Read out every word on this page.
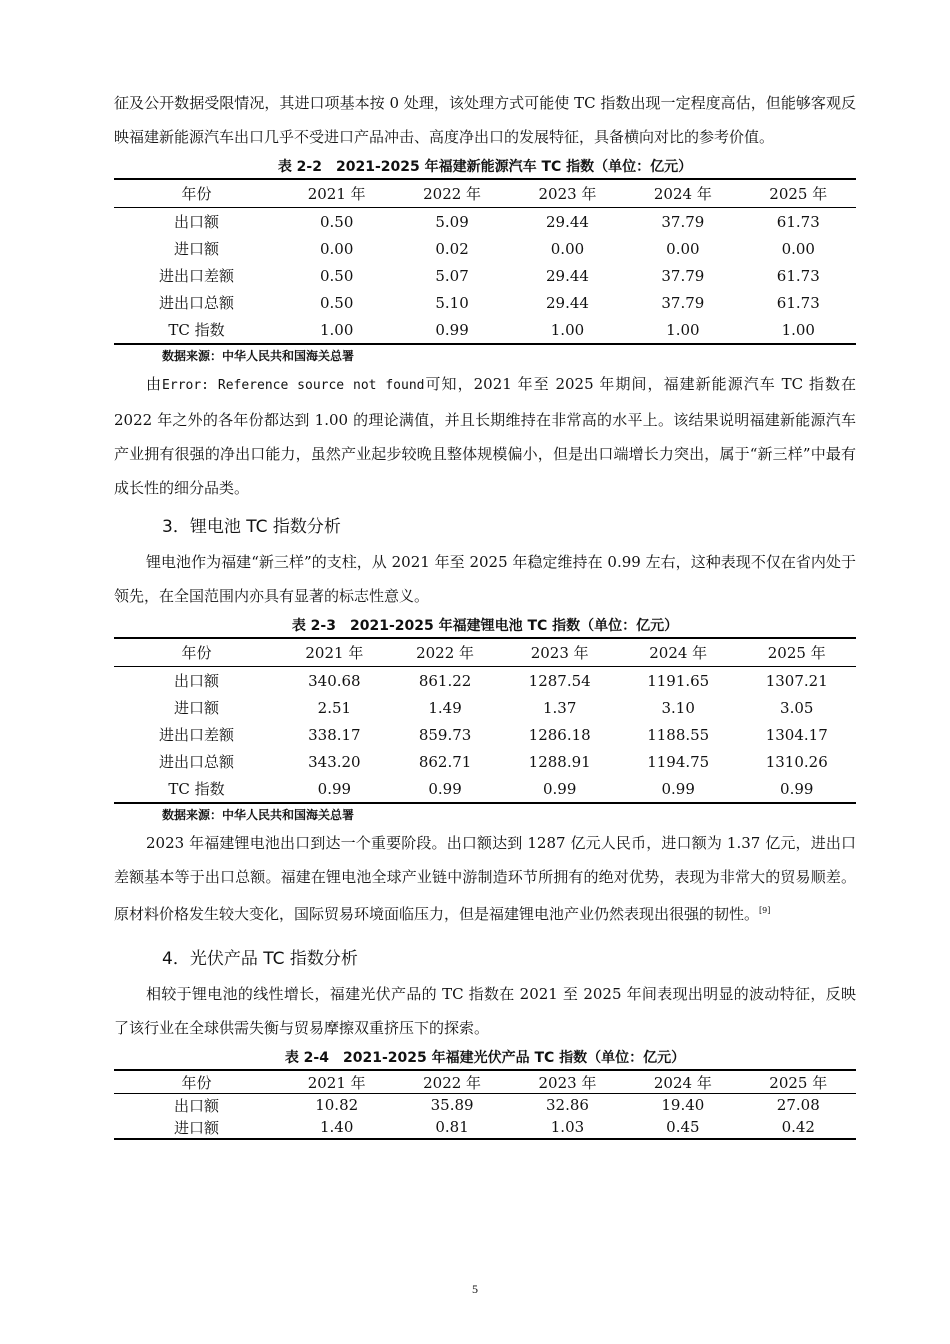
征及公开数据受限情况，其进口项基本按 0 处理，该处理方式可能使 TC 指数出现一定程度高估，但能够客观反映福建新能源汽车出口几乎不受进口产品冲击、高度净出口的发展特征，具备横向对比的参考价值。

表 2-2　2021-2025 年福建新能源汽车 TC 指数（单位：亿元）
年份	2021 年	2022 年	2023 年	2024 年	2025 年
出口额	0.50	5.09	29.44	37.79	61.73
进口额	0.00	0.02	0.00	0.00	0.00
进出口差额	0.50	5.07	29.44	37.79	61.73
进出口总额	0.50	5.10	29.44	37.79	61.73
TC 指数	1.00	0.99	1.00	1.00	1.00
数据来源：中华人民共和国海关总署

由Error: Reference source not found可知，2021 年至 2025 年期间，福建新能源汽车 TC 指数在 2022 年之外的各年份都达到 1.00 的理论满值，并且长期维持在非常高的水平上。该结果说明福建新能源汽车产业拥有很强的净出口能力，虽然产业起步较晚且整体规模偏小，但是出口端增长力突出，属于“新三样”中最有成长性的细分品类。

3．锂电池 TC 指数分析

锂电池作为福建“新三样”的支柱，从 2021 年至 2025 年稳定维持在 0.99 左右，这种表现不仅在省内处于领先，在全国范围内亦具有显著的标志性意义。

表 2-3　2021-2025 年福建锂电池 TC 指数（单位：亿元）
年份	2021 年	2022 年	2023 年	2024 年	2025 年
出口额	340.68	861.22	1287.54	1191.65	1307.21
进口额	2.51	1.49	1.37	3.10	3.05
进出口差额	338.17	859.73	1286.18	1188.55	1304.17
进出口总额	343.20	862.71	1288.91	1194.75	1310.26
TC 指数	0.99	0.99	0.99	0.99	0.99
数据来源：中华人民共和国海关总署

2023 年福建锂电池出口到达一个重要阶段。出口额达到 1287 亿元人民币，进口额为 1.37 亿元，进出口差额基本等于出口总额。福建在锂电池全球产业链中游制造环节所拥有的绝对优势，表现为非常大的贸易顺差。原材料价格发生较大变化，国际贸易环境面临压力，但是福建锂电池产业仍然表现出很强的韧性。[9]

4．光伏产品 TC 指数分析

相较于锂电池的线性增长，福建光伏产品的 TC 指数在 2021 至 2025 年间表现出明显的波动特征，反映了该行业在全球供需失衡与贸易摩擦双重挤压下的探索。

表 2-4　2021-2025 年福建光伏产品 TC 指数（单位：亿元）
年份	2021 年	2022 年	2023 年	2024 年	2025 年
出口额	10.82	35.89	32.86	19.40	27.08
进口额	1.40	0.81	1.03	0.45	0.42
5
